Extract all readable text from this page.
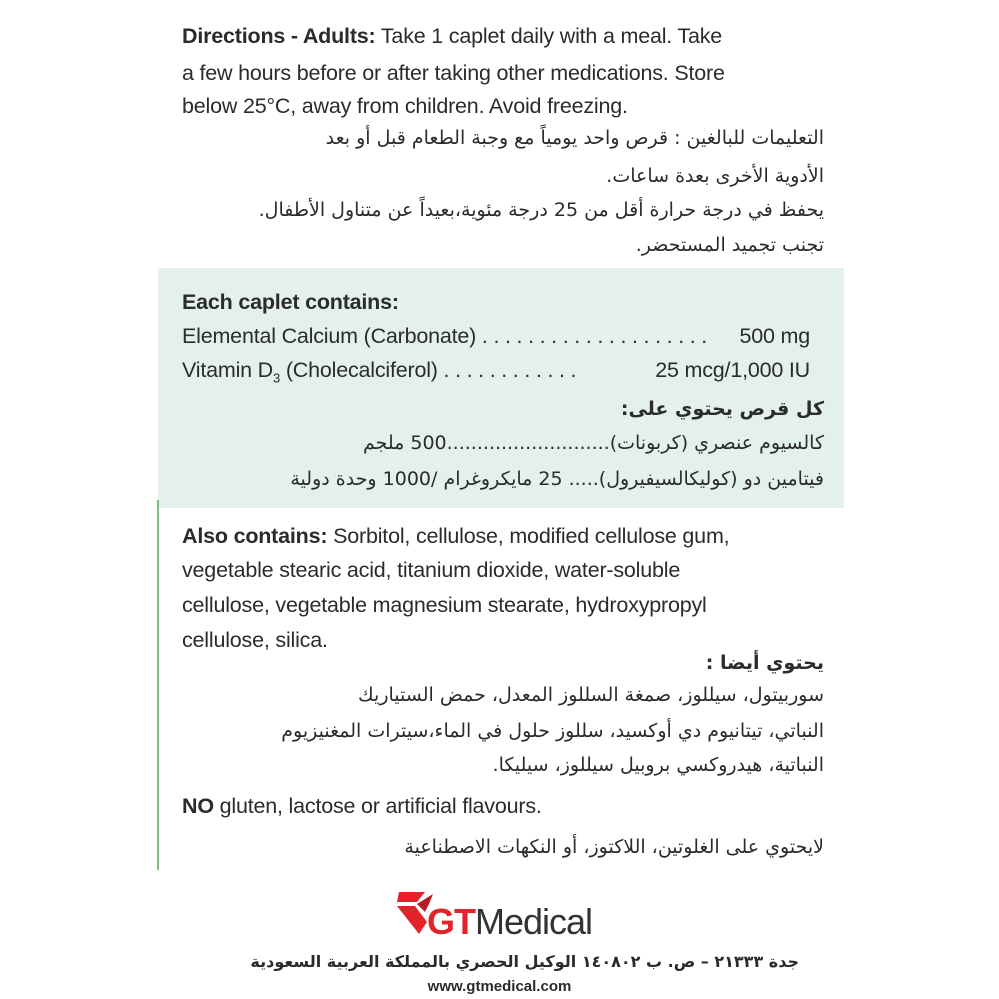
Directions - Adults: Take 1 caplet daily with a meal. Take
a few hours before or after taking other medications. Store
below 25°C, away from children. Avoid freezing.
التعليمات للبالغين : قرص واحد يومياً مع وجبة الطعام قبل أو بعد
الأدوية الأخرى بعدة ساعات.
يحفظ في درجة حرارة أقل من 25 درجة مئوية،بعيداً عن متناول الأطفال.
تجنب تجميد المستحضر.
Each caplet contains:
Elemental Calcium (Carbonate) . . . . . . . . . . . . . . . . . . . . 500 mg
Vitamin $D_3$ (Cholecalciferol) . . . . . . . . . . . .	25 mcg/1,000 IU
كل قرص يحتوي على:
كالسيوم عنصري (كربونات)...........................500 ملجم
فيتامين دو (كوليكالسيفيرول)..... 25 مايكروغرام /1000 وحدة دولية
Also contains: Sorbitol, cellulose, modified cellulose gum,
vegetable stearic acid, titanium dioxide, water-soluble
cellulose, vegetable magnesium stearate, hydroxypropyl
cellulose, silica.
يحتوي أيضا :
سوربيتول، سيللوز، صمغة السللوز المعدل، حمض الستياريك
النباتي، تيتانيوم دي أوكسيد، سللوز حلول في الماء،سيترات المغنيزيوم
النباتية، هيدروكسي بروبيل سيللوز، سيليكا.
NO gluten, lactose or artificial flavours.
لايحتوي على الغلوتين، اللاكتوز، أو النكهات الاصطناعية
GTMedical
جدة ٢١٣٣٣ – ص. ب ١٤٠٨٠٢ الوكيل الحصري بالمملكة العربية السعودية
www.gtmedical.com
